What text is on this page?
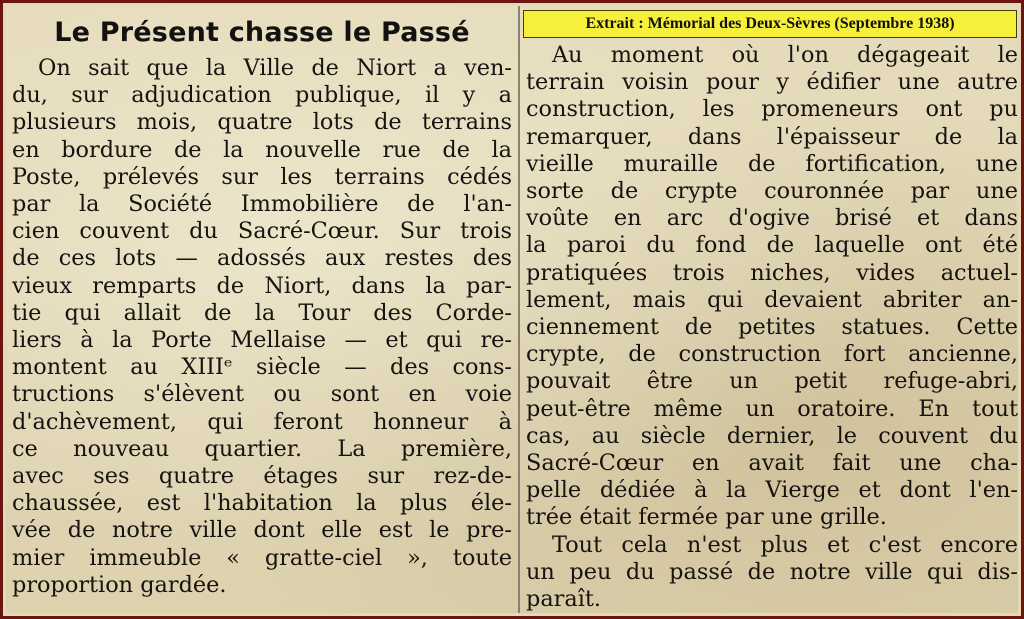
Le Présent chasse le Passé
On sait que la Ville de Niort a ven-
du, sur adjudication publique, il y a
plusieurs mois, quatre lots de terrains
en bordure de la nouvelle rue de la
Poste, prélevés sur les terrains cédés
par la Société Immobilière de l'an-
cien couvent du Sacré-Cœur. Sur trois
de ces lots — adossés aux restes des
vieux remparts de Niort, dans la par-
tie qui allait de la Tour des Corde-
liers à la Porte Mellaise — et qui re-
montent au XIIIᵉ siècle — des cons-
tructions s'élèvent ou sont en voie
d'achèvement, qui feront honneur à
ce nouveau quartier. La première,
avec ses quatre étages sur rez-de-
chaussée, est l'habitation la plus éle-
vée de notre ville dont elle est le pre-
mier immeuble « gratte-ciel », toute
proportion gardée.
Extrait : Mémorial des Deux-Sèvres (Septembre 1938)
Au moment où l'on dégageait le
terrain voisin pour y édifier une autre
construction, les promeneurs ont pu
remarquer, dans l'épaisseur de la
vieille muraille de fortification, une
sorte de crypte couronnée par une
voûte en arc d'ogive brisé et dans
la paroi du fond de laquelle ont été
pratiquées trois niches, vides actuel-
lement, mais qui devaient abriter an-
ciennement de petites statues. Cette
crypte, de construction fort ancienne,
pouvait être un petit refuge-abri,
peut-être même un oratoire. En tout
cas, au siècle dernier, le couvent du
Sacré-Cœur en avait fait une cha-
pelle dédiée à la Vierge et dont l'en-
trée était fermée par une grille.
Tout cela n'est plus et c'est encore
un peu du passé de notre ville qui dis-
paraît.
